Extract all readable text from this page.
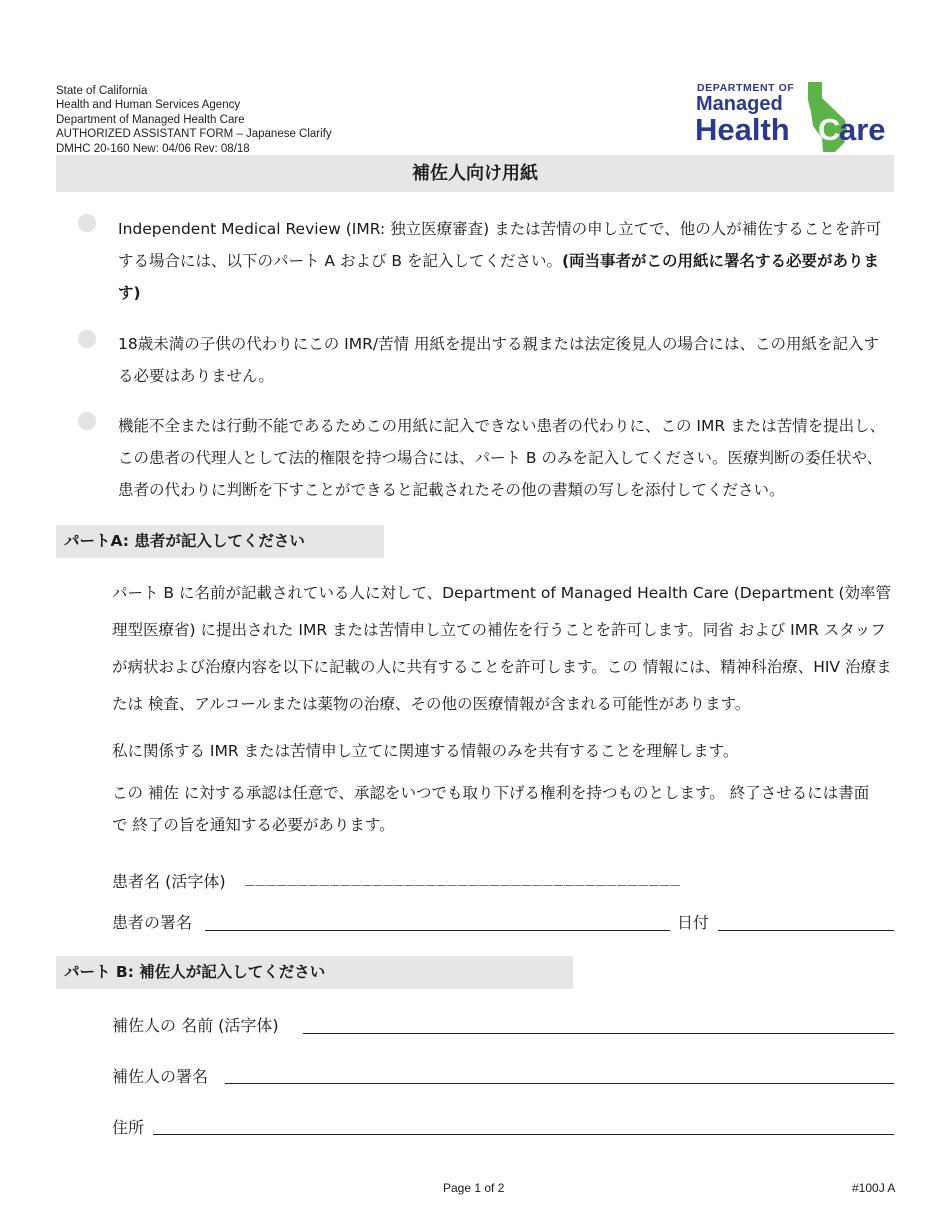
State of California
Health and Human Services Agency
Department of Managed Health Care
AUTHORIZED ASSISTANT FORM – Japanese Clarify
DMHC 20-160 New: 04/06 Rev: 08/18
DEPARTMENT OF
Managed
Health C
are
補佐人向け用紙
Independent Medical Review (IMR: 独立医療審査) または苦情の申し立てで、他の人が補佐することを許可する場合には、以下のパート A および B を記入してください。(両当事者がこの用紙に署名する必要があります)
18歳未満の子供の代わりにこの IMR/苦情 用紙を提出する親または法定後見人の場合には、この用紙を記入する必要はありません。
機能不全または行動不能であるためこの用紙に記入できない患者の代わりに、この IMR または苦情を提出し、この患者の代理人として法的権限を持つ場合には、パート B のみを記入してください。医療判断の委任状や、患者の代わりに判断を下すことができると記載されたその他の書類の写しを添付してください。
パートA: 患者が記入してください
パート B に名前が記載されている人に対して、Department of Managed Health Care (Department (効率管理型医療省) に提出された IMR または苦情申し立ての補佐を行うことを許可します。同省 および IMR スタッフ が病状および治療内容を以下に記載の人に共有することを許可します。この 情報には、精神科治療、HIV 治療または 検査、アルコールまたは薬物の治療、その他の医療情報が含まれる可能性があります。
私に関係する IMR または苦情申し立てに関連する情報のみを共有することを理解します。
この 補佐 に対する承認は任意で、承認をいつでも取り下げる権利を持つものとします。 終了させるには書面で 終了の旨を通知する必要があります。
患者名 (活字体) _________________________________________
患者の署名	日付
パート B: 補佐人が記入してください
補佐人の 名前 (活字体)
補佐人の署名
住所
Page 1 of 2	#100J A
